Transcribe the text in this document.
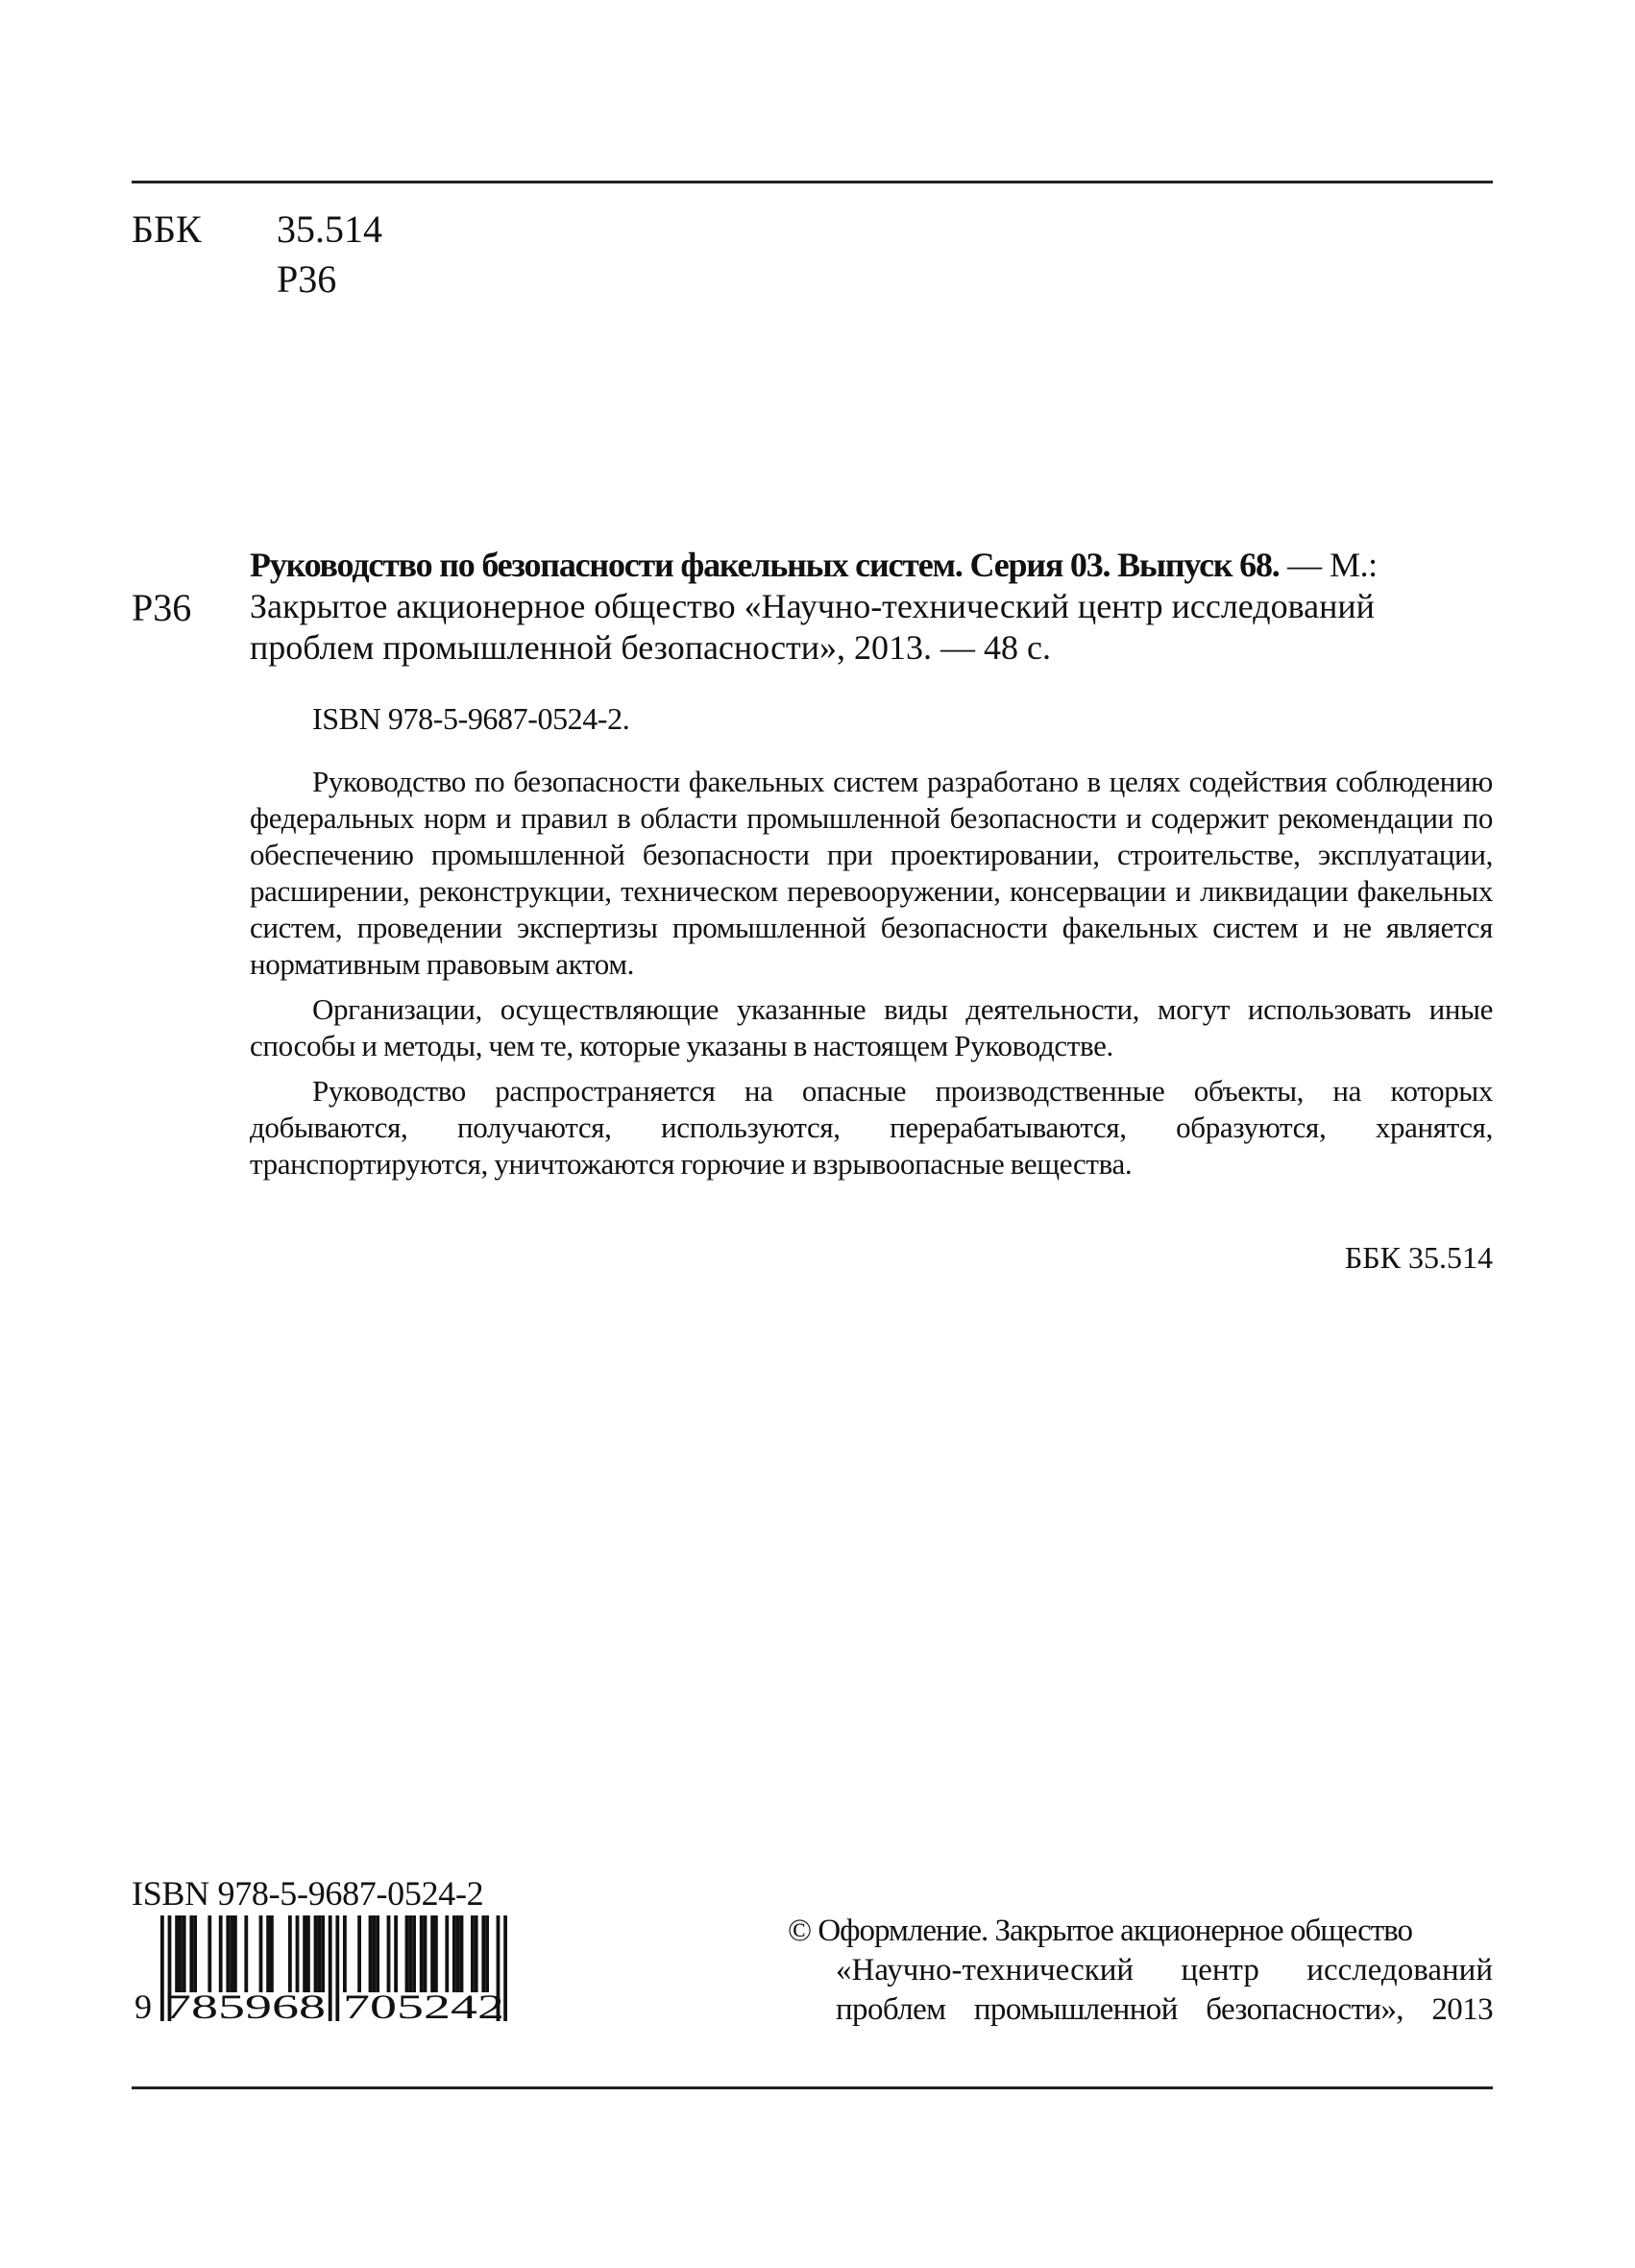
ББК	35.514
Р36
Р36
Руководство по безопасности факельных систем. Серия 03. Выпуск 68. — М.:
Закрытое акционерное общество «Научно-технический центр исследований
проблем промышленной безопасности», 2013. — 48 с.
ISBN 978-5-9687-0524-2.

Руководство по безопасности факельных систем разработано в целях содействия соблюдению федеральных норм и правил в области промышленной безопасности и содержит рекомендации по обеспечению промышленной безопасности при проектировании, строительстве, эксплуатации, расширении, реконструкции, техническом перевооружении, консервации и ликвидации факельных систем, проведении экспертизы промышленной безопасности факельных систем и не является нормативным правовым актом.

Организации, осуществляющие указанные виды деятельности, могут использовать иные способы и методы, чем те, которые указаны в настоящем Руководстве.

Руководство распространяется на опасные производственные объекты, на которых добываются, получаются, используются, перерабатываются, образуются, хранятся, транспортируются, уничтожаются горючие и взрывоопасные вещества.

ББК 35.514
ISBN 978-5-9687-0524-2
9 785968 705242
© Оформление. Закрытое акционерное общество
«Научно-технический центр исследований
проблем промышленной безопасности», 2013
